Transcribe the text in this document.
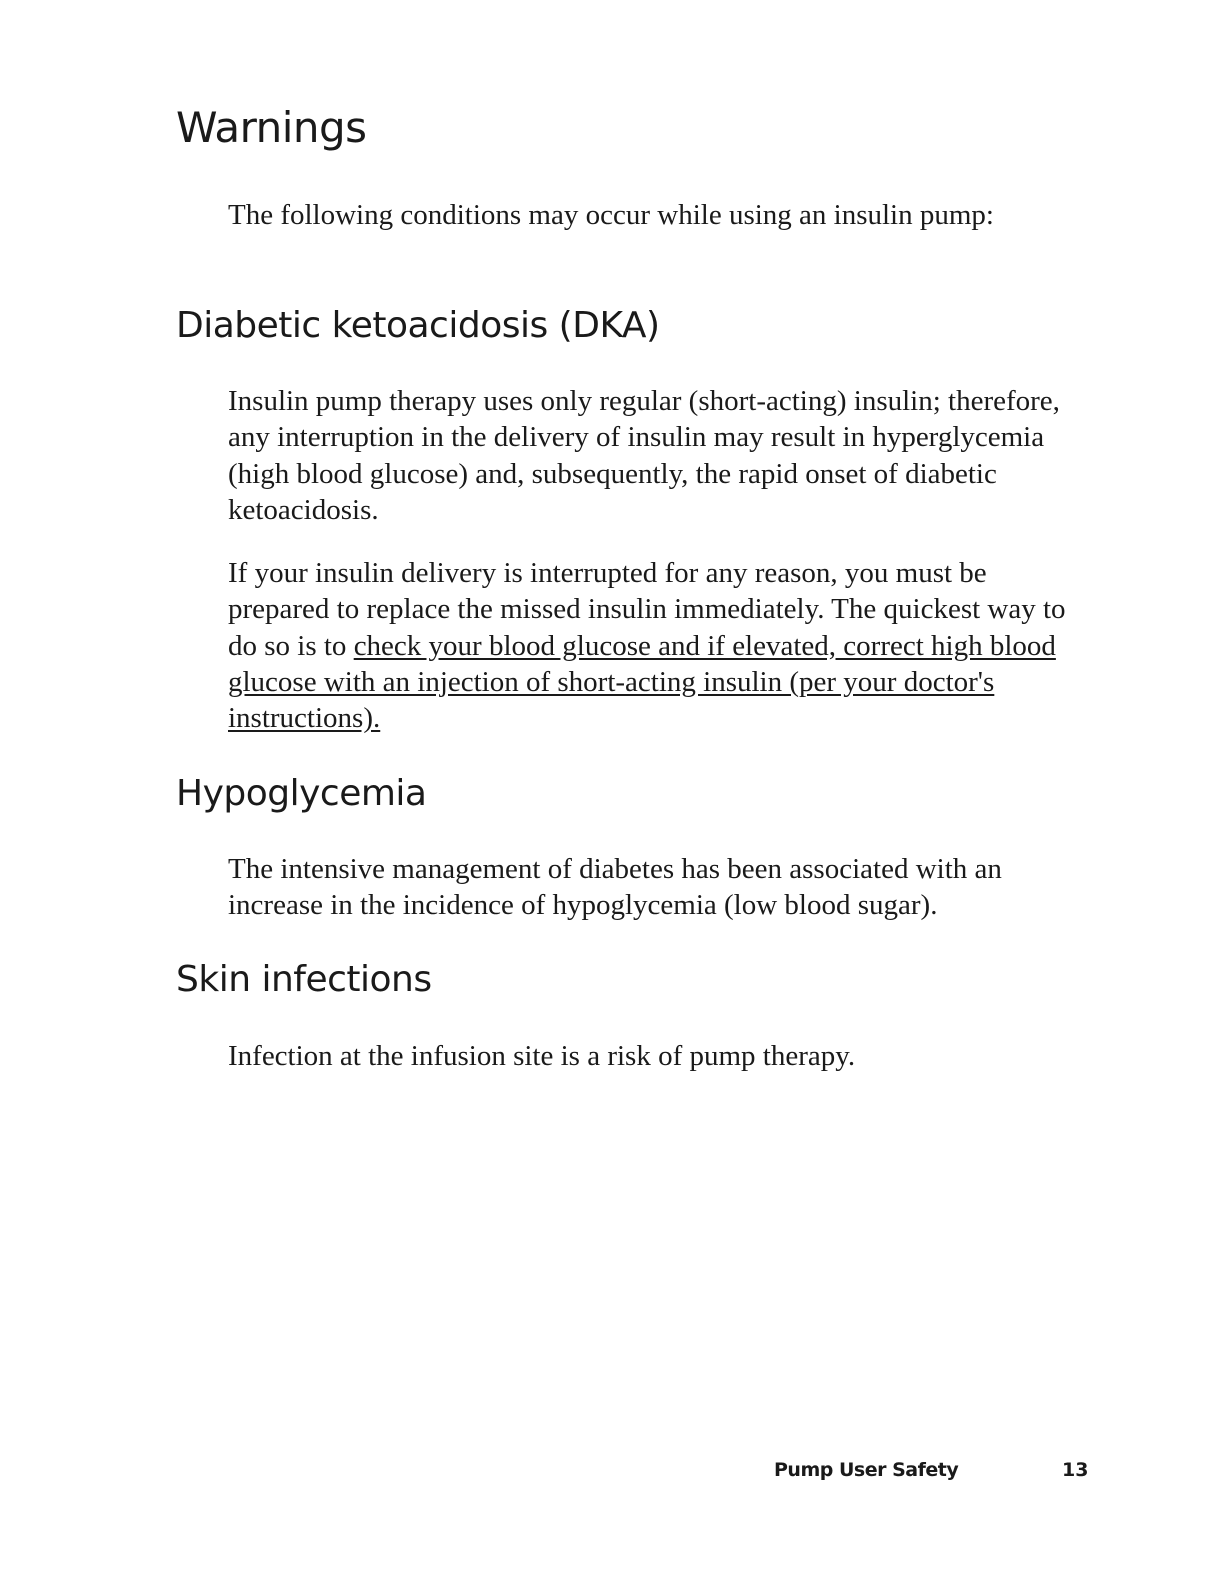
Warnings

The following conditions may occur while using an insulin pump:

Diabetic ketoacidosis (DKA)

Insulin pump therapy uses only regular (short-acting) insulin; therefore, any interruption in the delivery of insulin may result in hyperglycemia (high blood glucose) and, subsequently, the rapid onset of diabetic ketoacidosis.

If your insulin delivery is interrupted for any reason, you must be prepared to replace the missed insulin immediately. The quickest way to do so is to check your blood glucose and if elevated, correct high blood glucose with an injection of short-acting insulin (per your doctor's instructions).

Hypoglycemia

The intensive management of diabetes has been associated with an increase in the incidence of hypoglycemia (low blood sugar).

Skin infections

Infection at the infusion site is a risk of pump therapy.

Pump User Safety	13
